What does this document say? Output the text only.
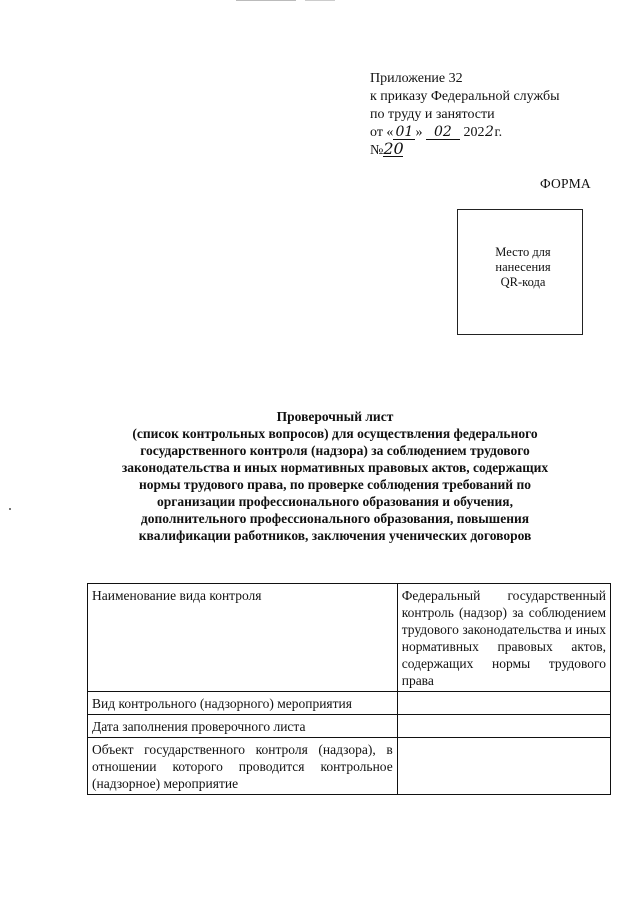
Приложение 32
к приказу Федеральной службы
по труду и занятости
от « 01 » 02 2022г.
№20
ФОРМА
Место для
нанесения
QR-кода
Проверочный лист
(список контрольных вопросов) для осуществления федерального
государственного контроля (надзора) за соблюдением трудового
законодательства и иных нормативных правовых актов, содержащих
нормы трудового права, по проверке соблюдения требований по
организации профессионального образования и обучения,
дополнительного профессионального образования, повышения
квалификации работников, заключения ученических договоров
Наименование вида контроля	Федеральный государственный контроль (надзор) за соблюдением трудового законодательства и иных нормативных правовых актов, содержащих нормы трудового права
Вид контрольного (надзорного) мероприятия	
Дата заполнения проверочного листа	
Объект государственного контроля (надзора), в отношении которого проводится контрольное (надзорное) мероприятие	
